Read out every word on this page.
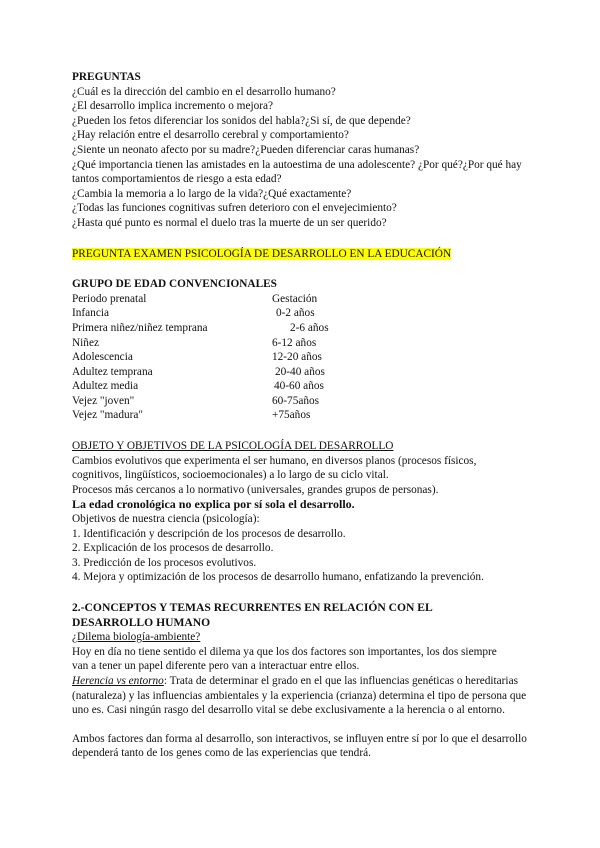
PREGUNTAS
¿Cuál es la dirección del cambio en el desarrollo humano?
¿El desarrollo implica incremento o mejora?
¿Pueden los fetos diferenciar los sonidos del habla?¿Si sí, de que depende?
¿Hay relación entre el desarrollo cerebral y comportamiento?
¿Siente un neonato afecto por su madre?¿Pueden diferenciar caras humanas?
¿Qué importancia tienen las amistades en la autoestima de una adolescente? ¿Por qué?¿Por qué hay tantos comportamientos de riesgo a esta edad?
¿Cambia la memoria a lo largo de la vida?¿Qué exactamente?
¿Todas las funciones cognitivas sufren deterioro con el envejecimiento?
¿Hasta qué punto es normal el duelo tras la muerte de un ser querido?
PREGUNTA EXAMEN PSICOLOGÍA DE DESARROLLO EN LA EDUCACIÓN
GRUPO DE EDAD CONVENCIONALES
Periodo prenatal	Gestación
Infancia	0-2 años
Primera niñez/niñez temprana	2-6 años
Niñez	6-12 años
Adolescencia	12-20 años
Adultez temprana	20-40 años
Adultez media	40-60 años
Vejez "joven"	60-75años
Vejez "madura"	+75años
OBJETO Y OBJETIVOS DE LA PSICOLOGÍA DEL DESARROLLO
Cambios evolutivos que experimenta el ser humano, en diversos planos (procesos físicos, cognitivos, lingüísticos, socioemocionales) a lo largo de su ciclo vital.
Procesos más cercanos a lo normativo (universales, grandes grupos de personas).
La edad cronológica no explica por sí sola el desarrollo.
Objetivos de nuestra ciencia (psicología):
1. Identificación y descripción de los procesos de desarrollo.
2. Explicación de los procesos de desarrollo.
3. Predicción de los procesos evolutivos.
4. Mejora y optimización de los procesos de desarrollo humano, enfatizando la prevención.
2.-CONCEPTOS Y TEMAS RECURRENTES EN RELACIÓN CON EL DESARROLLO HUMANO
¿Dilema biología-ambiente?
Hoy en día no tiene sentido el dilema ya que los dos factores son importantes, los dos siempre van a tener un papel diferente pero van a interactuar entre ellos.
Herencia vs entorno: Trata de determinar el grado en el que las influencias genéticas o hereditarias (naturaleza) y las influencias ambientales y la experiencia (crianza) determina el tipo de persona que uno es. Casi ningún rasgo del desarrollo vital se debe exclusivamente a la herencia o al entorno.
Ambos factores dan forma al desarrollo, son interactivos, se influyen entre sí por lo que el desarrollo dependerá tanto de los genes como de las experiencias que tendrá.
